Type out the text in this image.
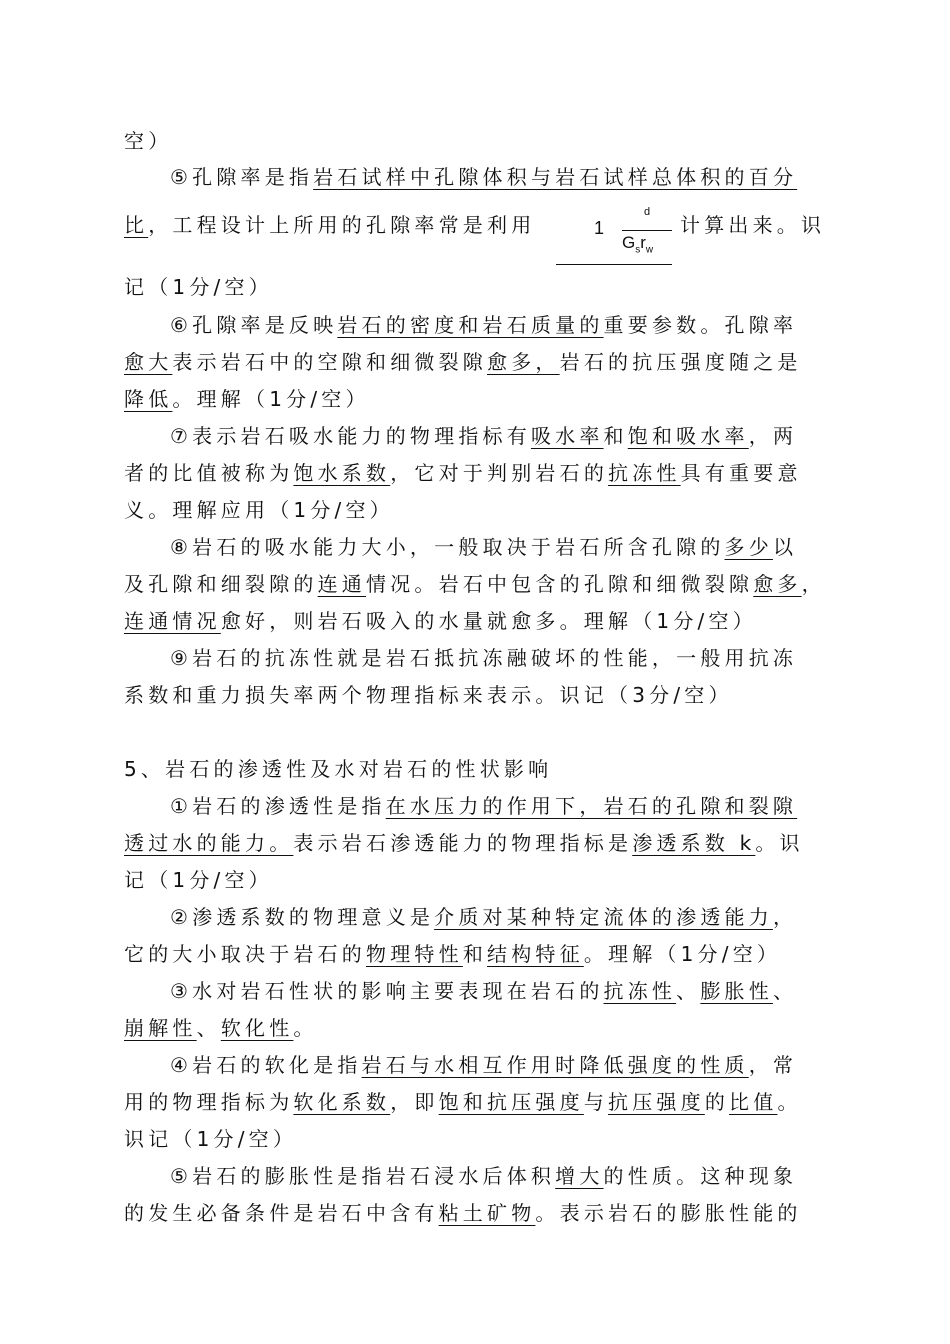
空）
⑤孔隙率是指岩石试样中孔隙体积与岩石试样总体积的百分
比，工程设计上所用的孔隙率常是利用	计算出来。识
记（1分/空）
⑥孔隙率是反映岩石的密度和岩石质量的重要参数。孔隙率
愈大表示岩石中的空隙和细微裂隙愈多，岩石的抗压强度随之是
降低。理解（1分/空）
⑦表示岩石吸水能力的物理指标有吸水率和饱和吸水率，两
者的比值被称为饱水系数，它对于判别岩石的抗冻性具有重要意
义。理解应用（1分/空）
⑧岩石的吸水能力大小，一般取决于岩石所含孔隙的多少以
及孔隙和细裂隙的连通情况。岩石中包含的孔隙和细微裂隙愈多，
连通情况愈好，则岩石吸入的水量就愈多。理解（1分/空）
⑨岩石的抗冻性就是岩石抵抗冻融破坏的性能，一般用抗冻
系数和重力损失率两个物理指标来表示。识记（3分/空）
5、岩石的渗透性及水对岩石的性状影响
①岩石的渗透性是指在水压力的作用下，岩石的孔隙和裂隙
透过水的能力。表示岩石渗透能力的物理指标是渗透系数 k。识
记（1分/空）
②渗透系数的物理意义是介质对某种特定流体的渗透能力，
它的大小取决于岩石的物理特性和结构特征。理解（1分/空）
③水对岩石性状的影响主要表现在岩石的抗冻性、膨胀性、
崩解性、软化性。
④岩石的软化是指岩石与水相互作用时降低强度的性质，常
用的物理指标为软化系数，即饱和抗压强度与抗压强度的比值。
识记（1分/空）
⑤岩石的膨胀性是指岩石浸水后体积增大的性质。这种现象
的发生必备条件是岩石中含有粘土矿物。表示岩石的膨胀性能的
1
d
$G_sr_w$
